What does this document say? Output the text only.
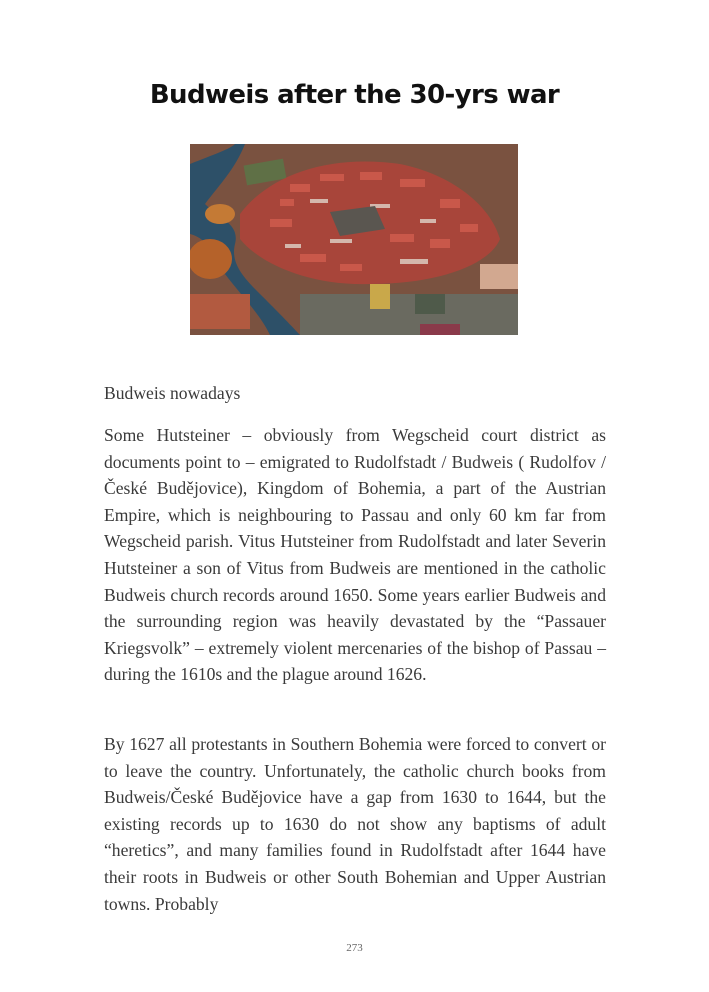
Budweis after the 30-yrs war

Budweis nowadays

Some Hutsteiner – obviously from Wegscheid court district as documents point to – emigrated to Rudolfstadt / Budweis ( Rudolfov / České Budějovice), Kingdom of Bohemia, a part of the Austrian Empire, which is neighbouring to Passau and only 60 km far from Wegscheid parish. Vitus Hutsteiner from Rudolfstadt and later Severin Hutsteiner a son of Vitus from Budweis are mentioned in the catholic Budweis church records around 1650. Some years earlier Budweis and the surrounding region was heavily devastated by the “Passauer Kriegsvolk” – extremely violent mercenaries of the bishop of Passau – during the 1610s and the plague around 1626.

By 1627 all protestants in Southern Bohemia were forced to convert or to leave the country. Unfortunately, the catholic church books from Budweis/České Budějovice have a gap from 1630 to 1644, but the existing records up to 1630 do not show any baptisms of adult “heretics”, and many families found in Rudolfstadt after 1644 have their roots in Budweis or other South Bohemian and Upper Austrian towns. Probably

273
